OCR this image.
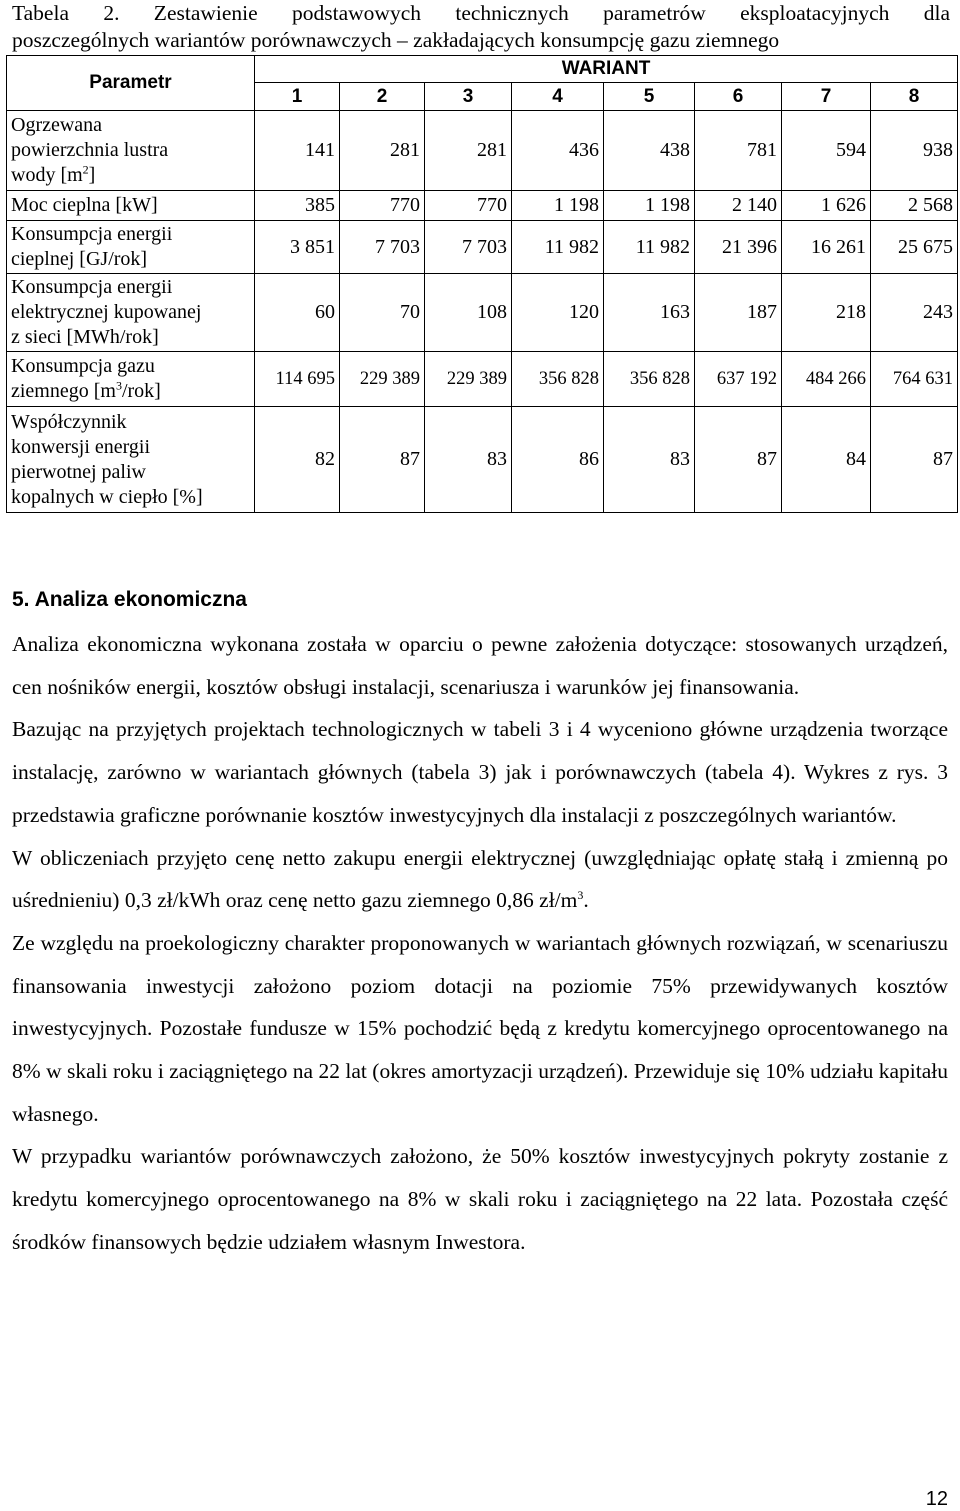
Tabela 2. Zestawienie podstawowych technicznych parametrów eksploatacyjnych dla
poszczególnych wariantów porównawczych – zakładających konsumpcję gazu ziemnego
Parametr	WARIANT							
	1	2	3	4	5	6	7	8
Ogrzewana
powierzchnia lustra
wody $[m^2]$	141	281	281	436	438	781	594	938
Moc cieplna [kW]	385	770	770	1 198	1 198	2 140	1 626	2 568
Konsumpcja energii
cieplnej [GJ/rok]	3 851	7 703	7 703	11 982	11 982	21 396	16 261	25 675
Konsumpcja energii
elektrycznej kupowanej
z sieci [MWh/rok]	60	70	108	120	163	187	218	243
Konsumpcja gazu
ziemnego $[m^3/rok]$	114 695	229 389	229 389	356 828	356 828	637 192	484 266	764 631
Współczynnik
konwersji energii
pierwotnej paliw
kopalnych w ciepło [%]	82	87	83	86	83	87	84	87
5. Analiza ekonomiczna

Analiza ekonomiczna wykonana została w oparciu o pewne założenia dotyczące: stosowanych urządzeń, cen nośników energii, kosztów obsługi instalacji, scenariusza i warunków jej finansowania.

Bazując na przyjętych projektach technologicznych w tabeli 3 i 4 wyceniono główne urządzenia tworzące instalację, zarówno w wariantach głównych (tabela 3) jak i porównawczych (tabela 4). Wykres z rys. 3 przedstawia graficzne porównanie kosztów inwestycyjnych dla instalacji z poszczególnych wariantów.

W obliczeniach przyjęto cenę netto zakupu energii elektrycznej (uwzględniając opłatę stałą i zmienną po uśrednieniu) 0,3 zł/kWh oraz cenę netto gazu ziemnego 0,86 $zł/m^3$.

Ze względu na proekologiczny charakter proponowanych w wariantach głównych rozwiązań, w scenariuszu finansowania inwestycji założono poziom dotacji na poziomie 75% przewidywanych kosztów inwestycyjnych. Pozostałe fundusze w 15% pochodzić będą z kredytu komercyjnego oprocentowanego na 8% w skali roku i zaciągniętego na 22 lat (okres amortyzacji urządzeń). Przewiduje się 10% udziału kapitału własnego.

W przypadku wariantów porównawczych założono, że 50% kosztów inwestycyjnych pokryty zostanie z kredytu komercyjnego oprocentowanego na 8% w skali roku i zaciągniętego na 22 lata. Pozostała część środków finansowych będzie udziałem własnym Inwestora.

12
